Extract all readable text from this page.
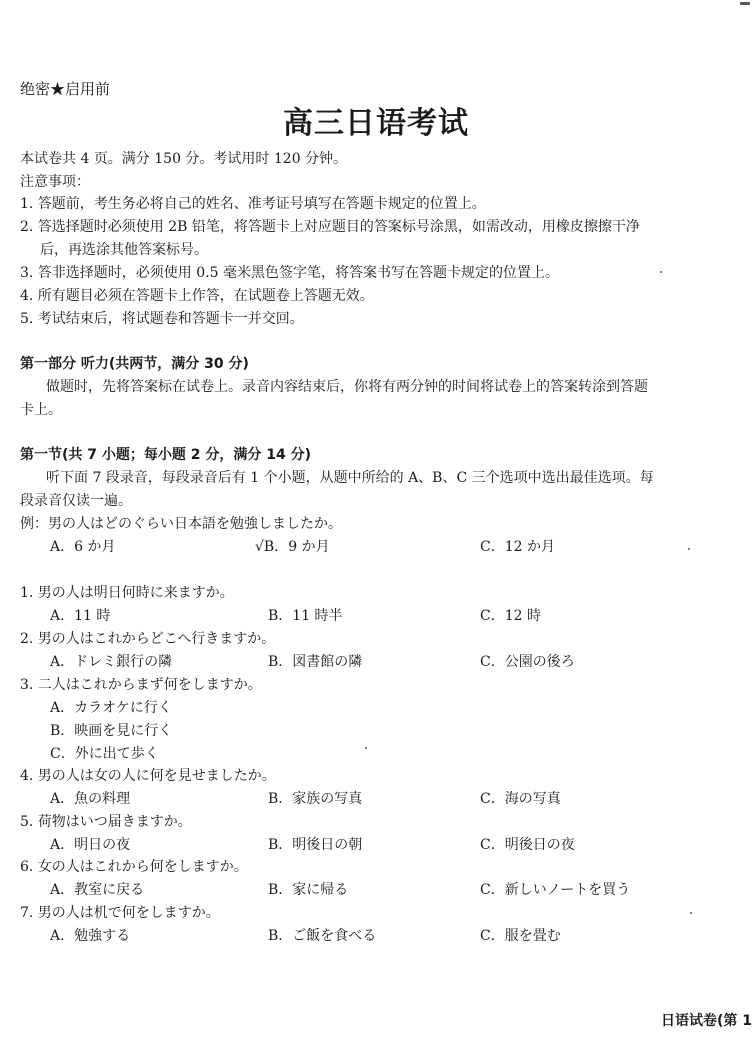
绝密★启用前
高三日语考试
本试卷共 4 页。满分 150 分。考试用时 120 分钟。
注意事项：
1. 答题前，考生务必将自己的姓名、准考证号填写在答题卡规定的位置上。
2. 答选择题时必须使用 2B 铅笔，将答题卡上对应题目的答案标号涂黑，如需改动，用橡皮擦擦干净
后，再选涂其他答案标号。
3. 答非选择题时，必须使用 0.5 毫米黑色签字笔，将答案书写在答题卡规定的位置上。
4. 所有题目必须在答题卡上作答，在试题卷上答题无效。
5. 考试结束后，将试题卷和答题卡一并交回。
第一部分 听力(共两节，满分 30 分)
做题时，先将答案标在试卷上。录音内容结束后，你将有两分钟的时间将试卷上的答案转涂到答题
卡上。
第一节(共 7 小题；每小题 2 分，满分 14 分)
听下面 7 段录音，每段录音后有 1 个小题，从题中所给的 A、B、C 三个选项中选出最佳选项。每
段录音仅读一遍。
例：男の人はどのぐらい日本語を勉強しましたか。
A．6 か月	√B．9 か月	C．12 か月
1. 男の人は明日何時に来ますか。
A．11 時	B．11 時半	C．12 時
2. 男の人はこれからどこへ行きますか。
A．ドレミ銀行の隣	B．図書館の隣	C．公園の後ろ
3. 二人はこれからまず何をしますか。
A．カラオケに行く
B．映画を見に行く
C．外に出て歩く
4. 男の人は女の人に何を見せましたか。
A．魚の料理	B．家族の写真	C．海の写真
5. 荷物はいつ届きますか。
A．明日の夜	B．明後日の朝	C．明後日の夜
6. 女の人はこれから何をしますか。
A．教室に戻る	B．家に帰る	C．新しいノートを買う
7. 男の人は机で何をしますか。
A．勉強する	B．ご飯を食べる	C．服を畳む
日语试卷(第 1
